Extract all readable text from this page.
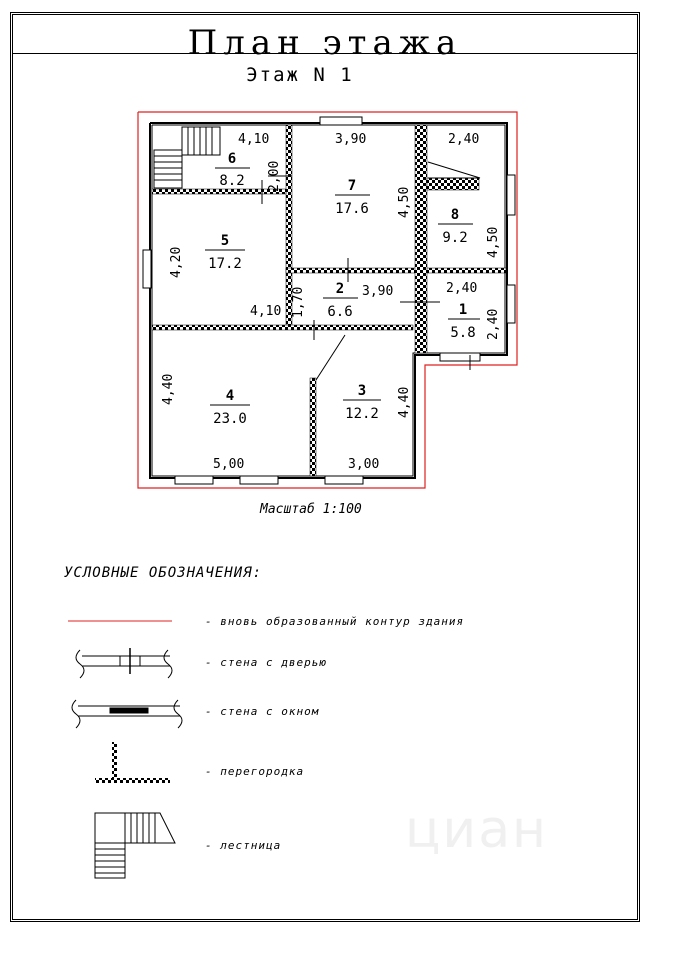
План этажа
Этаж N 1
4,10	3,90	2,40
4,10
3,90	2,40
5,00	3,00
2,00
4,50
4,50
4,20
1,70
2,40
4,40	4,40
6
8.2	7
17.6	8
9.2
5
17.2
2
6.6	1
5.8
4
23.0
3
12.2
Масштаб 1:100
УСЛОВНЫЕ ОБОЗНАЧЕНИЯ:
- вновь образованный контур здания
- стена с дверью
- стена с окном
- перегородка
- лестница циан
